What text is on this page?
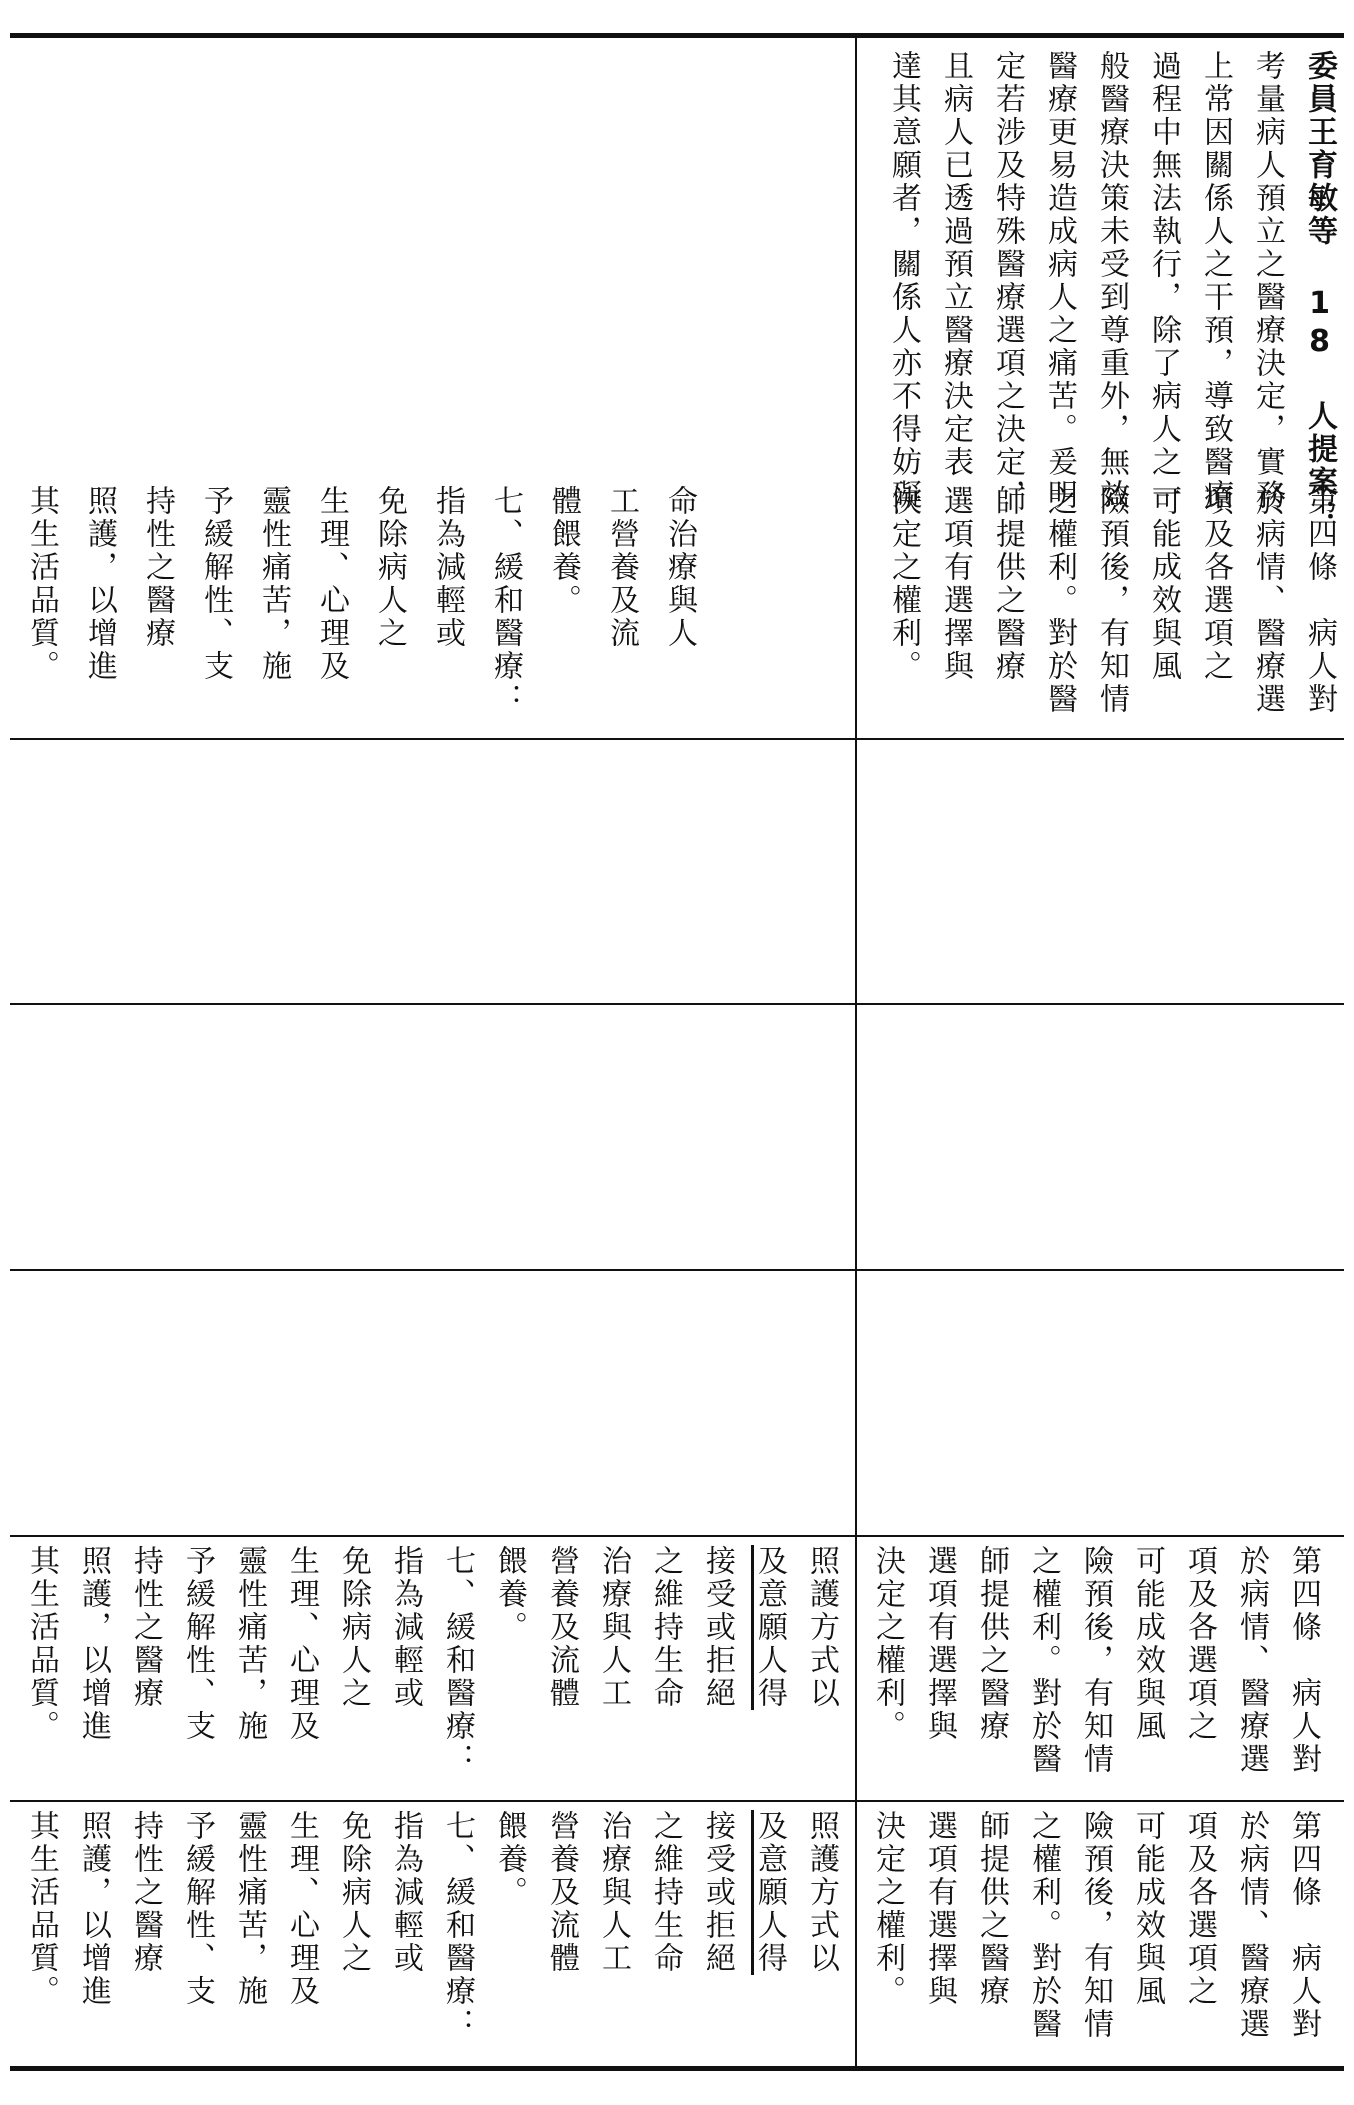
命治療與人
工營養及流
體餵養。
七、緩和醫療：
指為減輕或
免除病人之
生理、心理及
靈性痛苦，施
予緩解性、支
持性之醫療
照護，以增進
其生活品質。
委員王育敏等 18 人提案：
考量病人預立之醫療決定，實務
上常因關係人之干預，導致醫療
過程中無法執行，除了病人之一
般醫療決策未受到尊重外，無效
醫療更易造成病人之痛苦。爰明
定若涉及特殊醫療選項之決定，
且病人已透過預立醫療決定表
達其意願者，關係人亦不得妨礙
第四條　病人對
於病情、醫療選
項及各選項之
可能成效與風
險預後，有知情
之權利。對於醫
師提供之醫療
選項有選擇與
決定之權利。
照護方式以
及意願人得
接受或拒絕
之維持生命
治療與人工
營養及流體
餵養。
七、緩和醫療：
指為減輕或
免除病人之
生理、心理及
靈性痛苦，施
予緩解性、支
持性之醫療
照護，以增進
其生活品質。
照護方式以
及意願人得
接受或拒絕
之維持生命
治療與人工
營養及流體
餵養。
七、緩和醫療：
指為減輕或
免除病人之
生理、心理及
靈性痛苦，施
予緩解性、支
持性之醫療
照護，以增進
其生活品質。
第四條　病人對
於病情、醫療選
項及各選項之
可能成效與風
險預後，有知情
之權利。對於醫
師提供之醫療
選項有選擇與
決定之權利。
第四條　病人對
於病情、醫療選
項及各選項之
可能成效與風
險預後，有知情
之權利。對於醫
師提供之醫療
選項有選擇與
決定之權利。
